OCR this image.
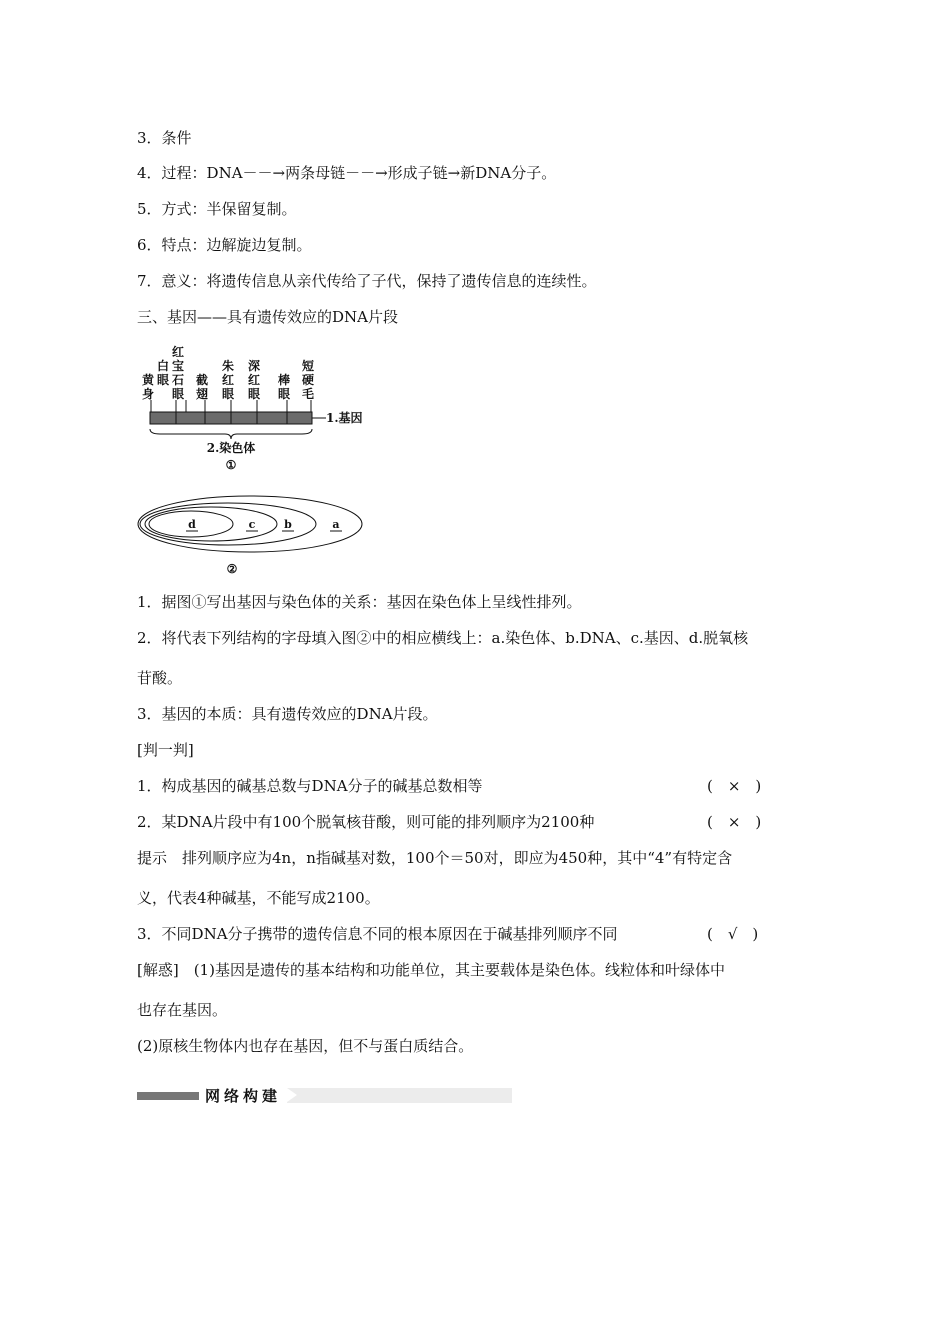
3．条件
4．过程：DNA－－→两条母链－－→形成子链→新DNA分子。
5．方式：半保留复制。
6．特点：边解旋边复制。
7．意义：将遗传信息从亲代传给了子代，保持了遗传信息的连续性。
三、基因——具有遗传效应的DNA片段
黄身
白眼
红宝石眼
截翅
朱红眼
深红眼
棒眼
短硬毛
1.基因
2.染色体
①
d	c	b	a
②
1．据图①写出基因与染色体的关系：基因在染色体上呈线性排列。
2．将代表下列结构的字母填入图②中的相应横线上：a.染色体、b.DNA、c.基因、d.脱氧核
苷酸。
3．基因的本质：具有遗传效应的DNA片段。
[判一判]
1．构成基因的碱基总数与DNA分子的碱基总数相等	(　×　)
2．某DNA片段中有100个脱氧核苷酸，则可能的排列顺序为2100种	(　×　)
提示　排列顺序应为4n，n指碱基对数，100个＝50对，即应为450种，其中“4”有特定含
义，代表4种碱基，不能写成2100。
3．不同DNA分子携带的遗传信息不同的根本原因在于碱基排列顺序不同	(　√　)
[解惑]　(1)基因是遗传的基本结构和功能单位，其主要载体是染色体。线粒体和叶绿体中
也存在基因。
(2)原核生物体内也存在基因，但不与蛋白质结合。
网络构建
